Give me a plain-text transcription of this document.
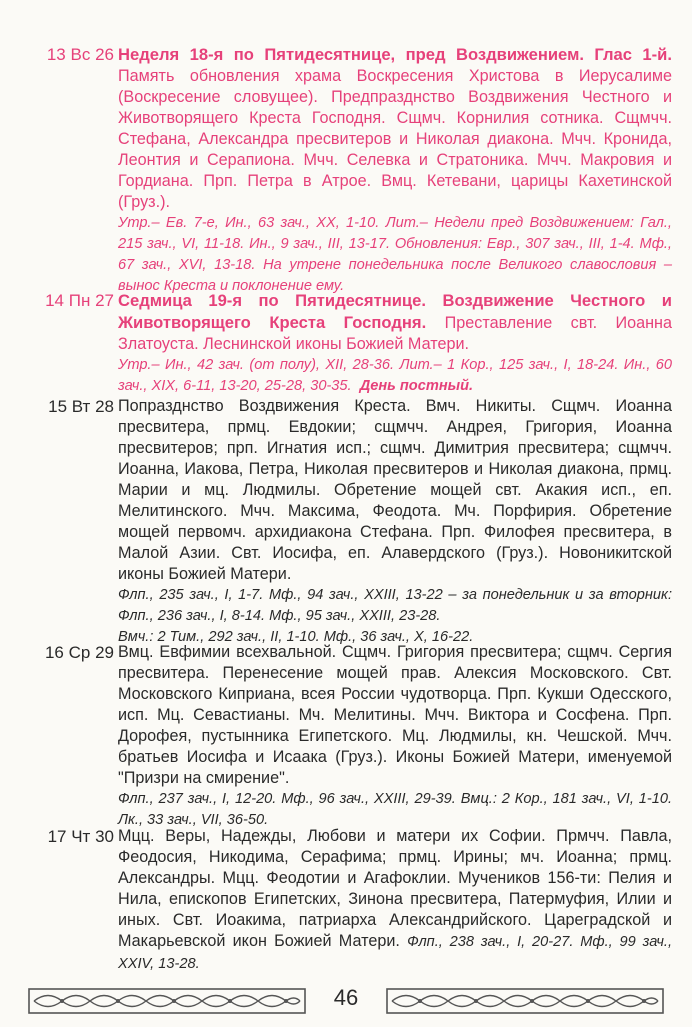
13 Вс 26 Неделя 18-я по Пятидесятнице, пред Воздвижением. Глас 1-й. Память обновления храма Воскресения Христова в Иерусалиме (Воскресение словущее). Предпразднство Воздвижения Честного и Животворящего Креста Господня. Сщмч. Корнилия сотника. Сщмчч. Стефана, Александра пресвитеров и Николая диакона. Мчч. Кронида, Леонтия и Серапиона. Мчч. Селевка и Стратоника. Мчч. Макровия и Гордиана. Прп. Петра в Атрое. Вмц. Кетевани, царицы Кахетинской (Груз.).
Утр.– Ев. 7-е, Ин., 63 зач., XX, 1-10. Лит.– Недели пред Воздвижением: Гал., 215 зач., VI, 11-18. Ин., 9 зач., III, 13-17. Обновления: Евр., 307 зач., III, 1-4. Мф., 67 зач., XVI, 13-18. На утрене понедельника после Великого славословия – вынос Креста и поклонение ему.
14 Пн 27 Седмица 19-я по Пятидесятнице. Воздвижение Честного и Животворящего Креста Господня. Преставление свт. Иоанна Златоуста. Леснинской иконы Божией Матери.
Утр.– Ин., 42 зач. (от полу), XII, 28-36. Лит.– 1 Кор., 125 зач., I, 18-24. Ин., 60 зач., XIX, 6-11, 13-20, 25-28, 30-35. День постный.
15 Вт 28 Попразднство Воздвижения Креста. Вмч. Никиты. Сщмч. Иоанна пресвитера, прмц. Евдокии; сщмчч. Андрея, Григория, Иоанна пресвитеров; прп. Игнатия исп.; сщмч. Димитрия пресвитера; сщмчч. Иоанна, Иакова, Петра, Николая пресвитеров и Николая диакона, прмц. Марии и мц. Людмилы. Обретение мощей свт. Акакия исп., еп. Мелитинского. Мчч. Максима, Феодота. Мч. Порфирия. Обретение мощей первомч. архидиакона Стефана. Прп. Филофея пресвитера, в Малой Азии. Свт. Иосифа, еп. Алавердского (Груз.). Новоникитской иконы Божией Матери.
Флп., 235 зач., I, 1-7. Мф., 94 зач., XXIII, 13-22 – за понедельник и за вторник: Флп., 236 зач., I, 8-14. Мф., 95 зач., XXIII, 23-28.
Вмч.: 2 Тим., 292 зач., II, 1-10. Мф., 36 зач., X, 16-22.
16 Ср 29 Вмц. Евфимии всехвальной. Сщмч. Григория пресвитера; сщмч. Сергия пресвитера. Перенесение мощей прав. Алексия Московского. Свт. Московского Киприана, всея России чудотворца. Прп. Кукши Одесского, исп. Мц. Севастианы. Мч. Мелитины. Мчч. Виктора и Сосфена. Прп. Дорофея, пустынника Египетского. Мц. Людмилы, кн. Чешской. Мчч. братьев Иосифа и Исаака (Груз.). Иконы Божией Матери, именуемой "Призри на смирение".
Флп., 237 зач., I, 12-20. Мф., 96 зач., XXIII, 29-39. Вмц.: 2 Кор., 181 зач., VI, 1-10. Лк., 33 зач., VII, 36-50.
17 Чт 30 Мцц. Веры, Надежды, Любови и матери их Софии. Прмчч. Павла, Феодосия, Никодима, Серафима; прмц. Ирины; мч. Иоанна; прмц. Александры. Мцц. Феодотии и Агафоклии. Мучеников 156-ти: Пелия и Нила, епископов Египетских, Зинона пресвитера, Патермуфия, Илии и иных. Свт. Иоакима, патриарха Александрийского. Цареградской и Макарьевской икон Божией Матери. Флп., 238 зач., I, 20-27. Мф., 99 зач., XXIV, 13-28.
46
